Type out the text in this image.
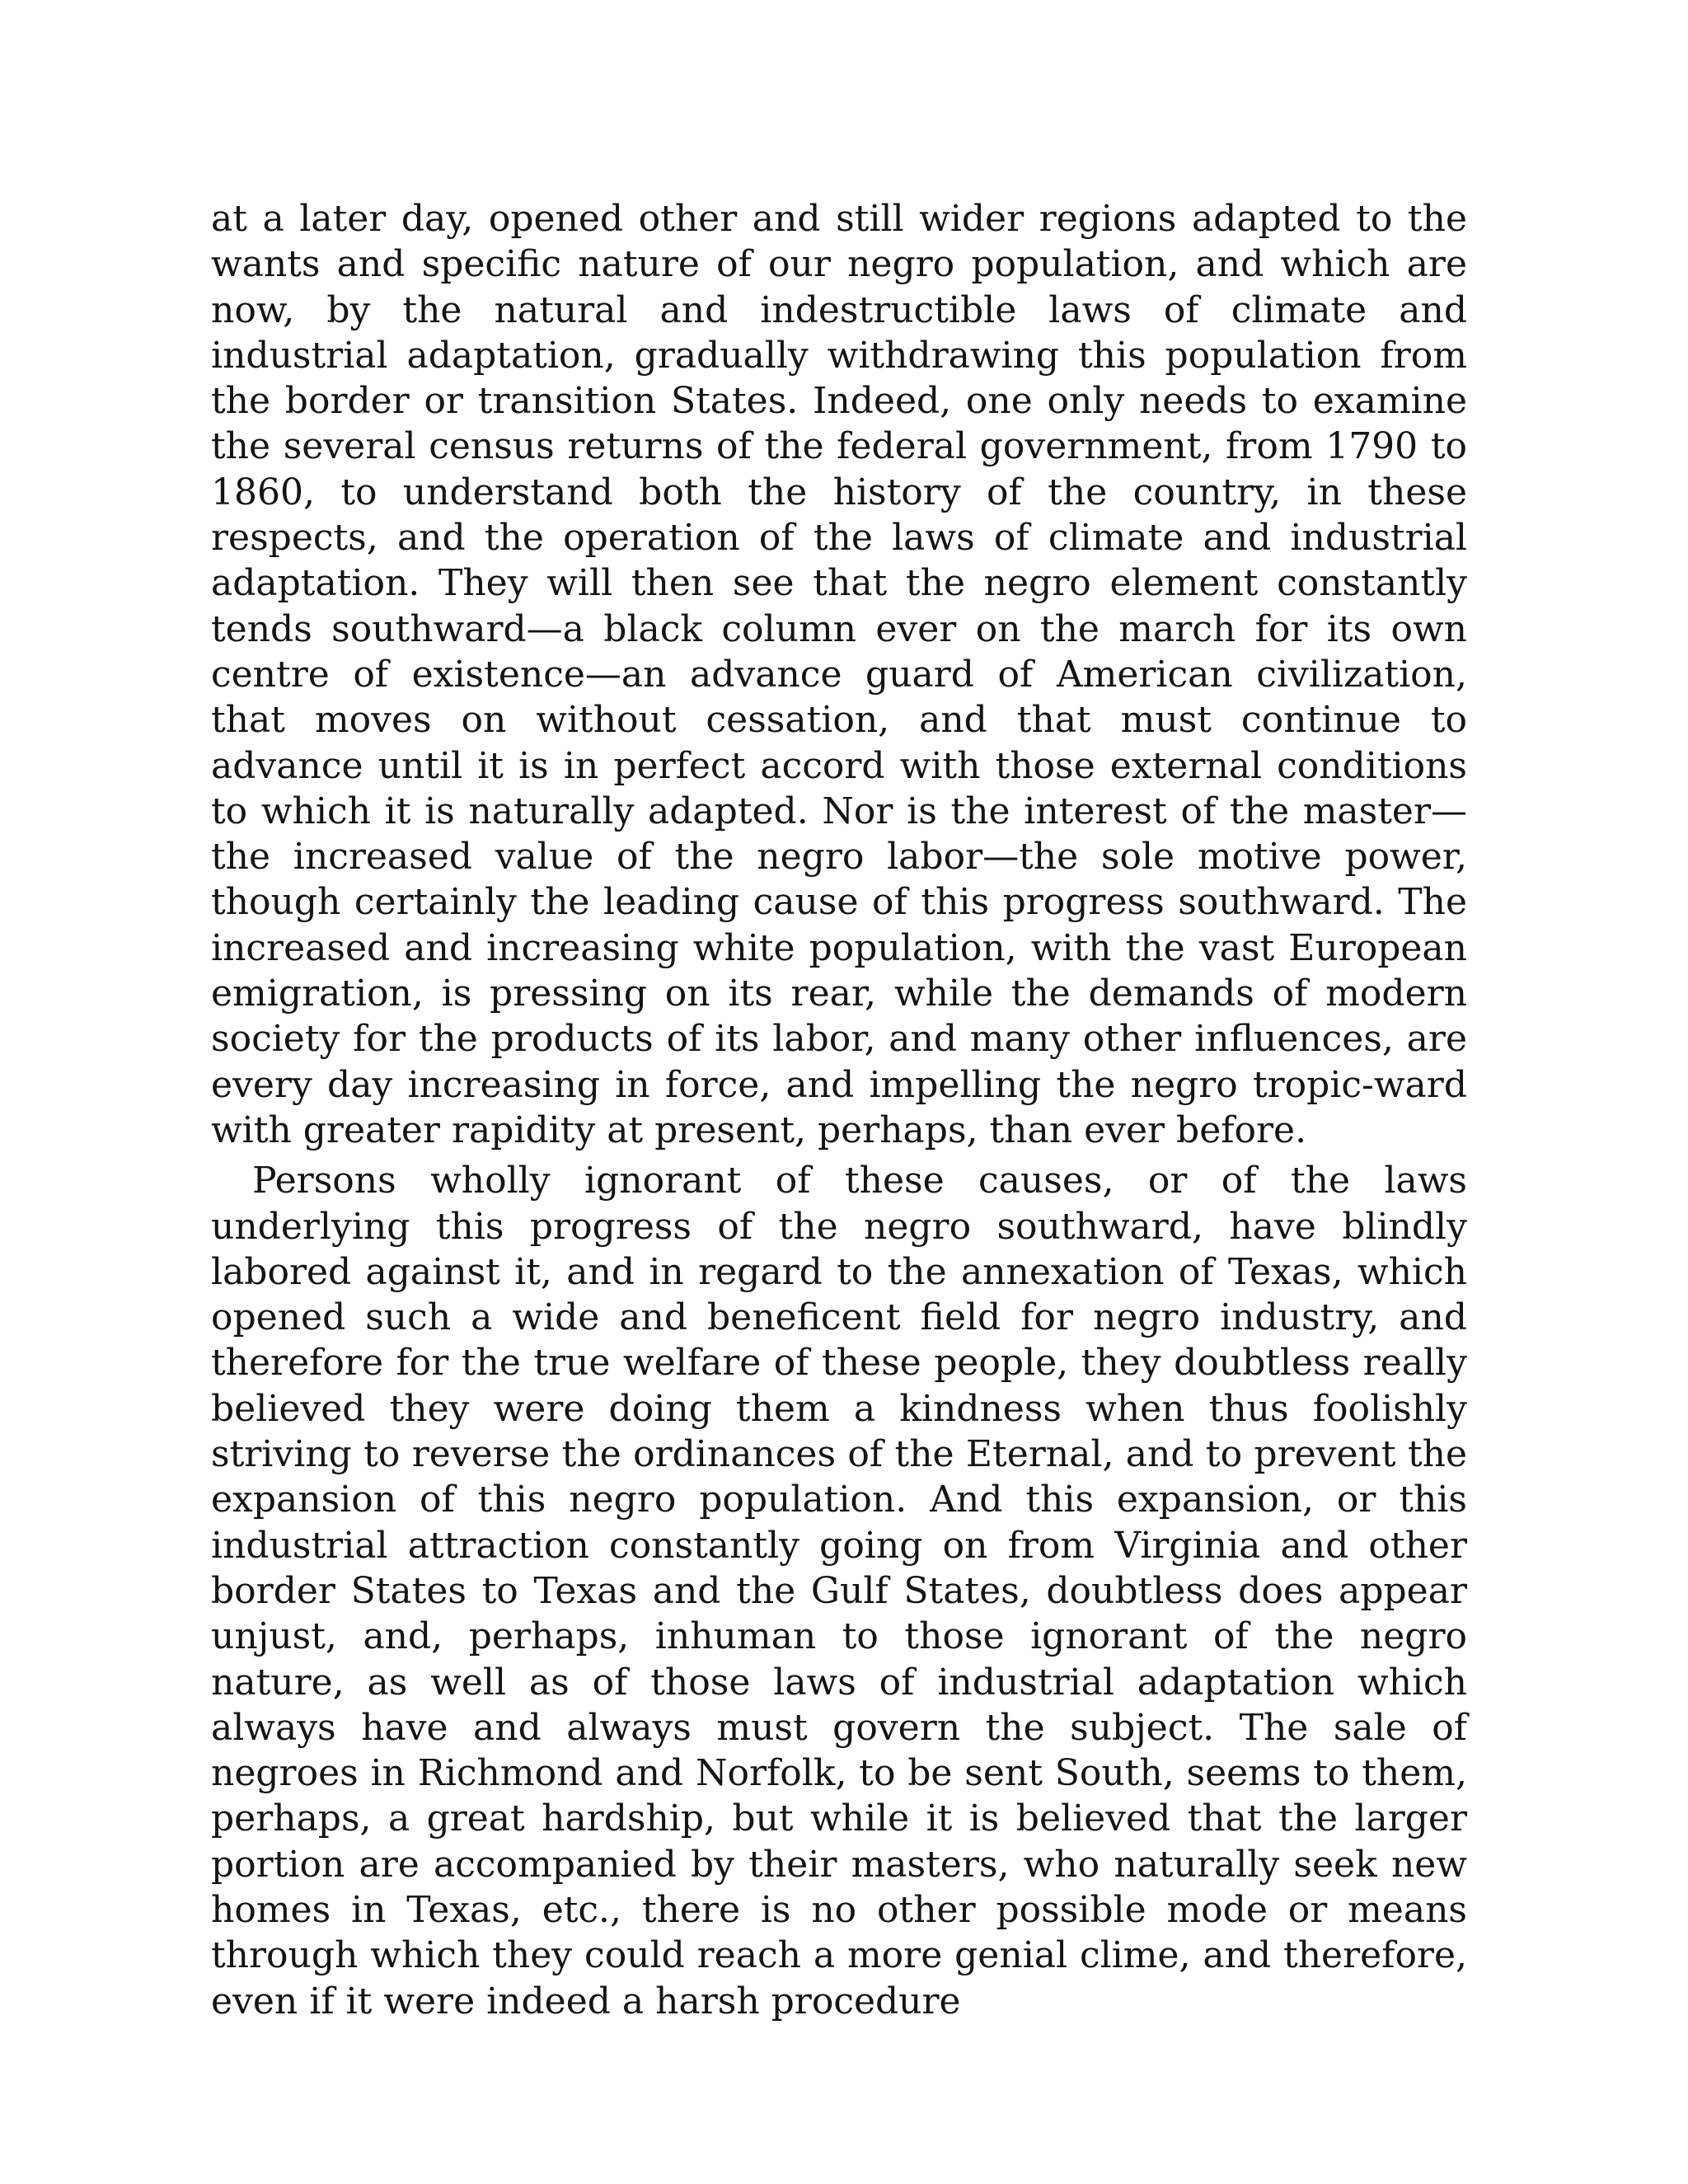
at a later day, opened other and still wider regions adapted to the wants and specific nature of our negro population, and which are now, by the natural and indestructible laws of climate and industrial adaptation, gradually withdrawing this population from the border or transition States. Indeed, one only needs to examine the several census returns of the federal government, from 1790 to 1860, to understand both the history of the country, in these respects, and the operation of the laws of climate and industrial adaptation. They will then see that the negro element constantly tends southward—a black column ever on the march for its own centre of existence—an advance guard of American civilization, that moves on without cessation, and that must continue to advance until it is in perfect accord with those external conditions to which it is naturally adapted. Nor is the interest of the master—the increased value of the negro labor—the sole motive power, though certainly the leading cause of this progress southward. The increased and increasing white population, with the vast European emigration, is pressing on its rear, while the demands of modern society for the products of its labor, and many other influences, are every day increasing in force, and impelling the negro tropic-ward with greater rapidity at present, perhaps, than ever before.

Persons wholly ignorant of these causes, or of the laws underlying this progress of the negro southward, have blindly labored against it, and in regard to the annexation of Texas, which opened such a wide and beneficent field for negro industry, and therefore for the true welfare of these people, they doubtless really believed they were doing them a kindness when thus foolishly striving to reverse the ordinances of the Eternal, and to prevent the expansion of this negro population. And this expansion, or this industrial attraction constantly going on from Virginia and other border States to Texas and the Gulf States, doubtless does appear unjust, and, perhaps, inhuman to those ignorant of the negro nature, as well as of those laws of industrial adaptation which always have and always must govern the subject. The sale of negroes in Richmond and Norfolk, to be sent South, seems to them, perhaps, a great hardship, but while it is believed that the larger portion are accompanied by their masters, who naturally seek new homes in Texas, etc., there is no other possible mode or means through which they could reach a more genial clime, and therefore, even if it were indeed a harsh procedure
